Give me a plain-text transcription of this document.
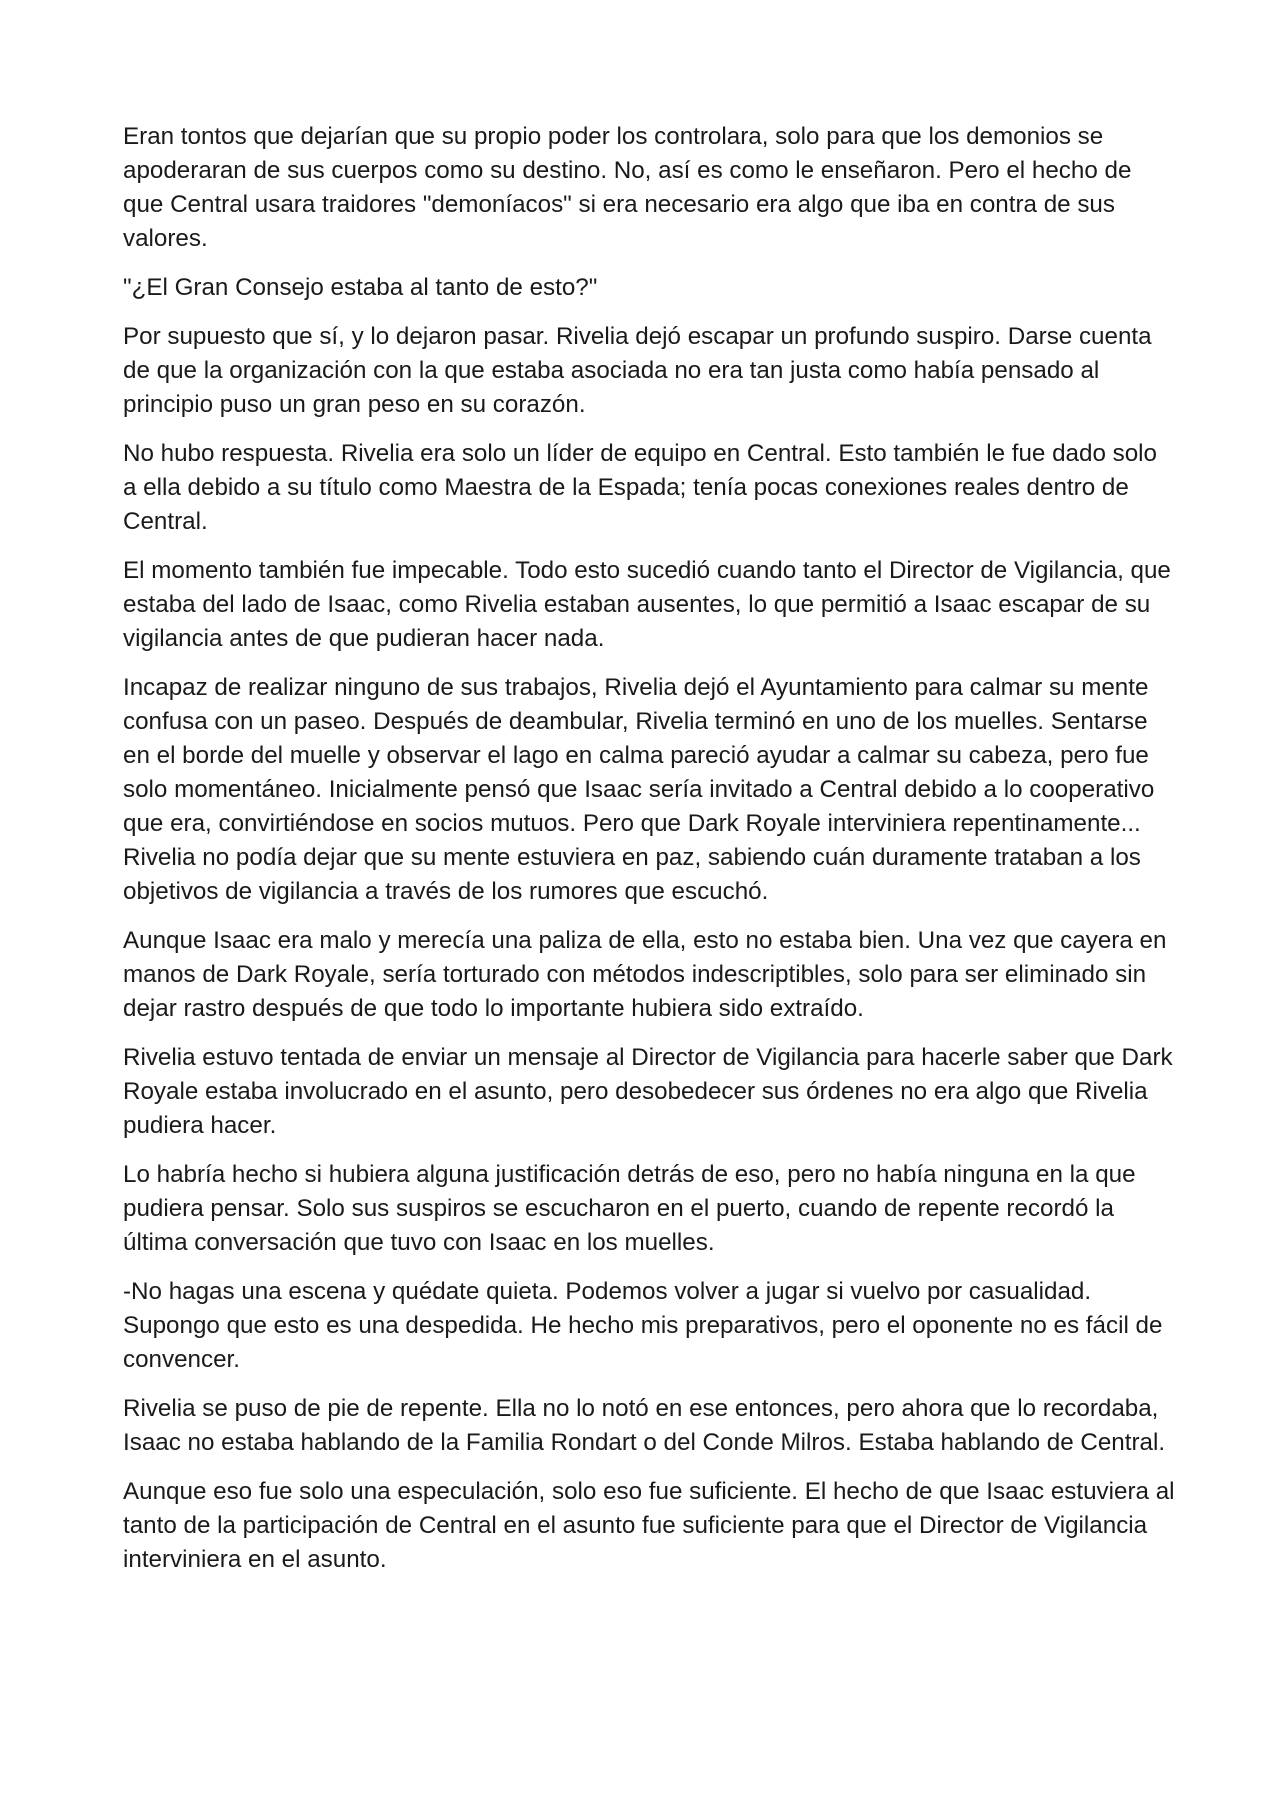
Eran tontos que dejarían que su propio poder los controlara, solo para que los demonios se apoderaran de sus cuerpos como su destino. No, así es como le enseñaron. Pero el hecho de que Central usara traidores "demoníacos" si era necesario era algo que iba en contra de sus valores.

"¿El Gran Consejo estaba al tanto de esto?"

Por supuesto que sí, y lo dejaron pasar. Rivelia dejó escapar un profundo suspiro. Darse cuenta de que la organización con la que estaba asociada no era tan justa como había pensado al principio puso un gran peso en su corazón.

No hubo respuesta. Rivelia era solo un líder de equipo en Central. Esto también le fue dado solo a ella debido a su título como Maestra de la Espada; tenía pocas conexiones reales dentro de Central.

El momento también fue impecable. Todo esto sucedió cuando tanto el Director de Vigilancia, que estaba del lado de Isaac, como Rivelia estaban ausentes, lo que permitió a Isaac escapar de su vigilancia antes de que pudieran hacer nada.

Incapaz de realizar ninguno de sus trabajos, Rivelia dejó el Ayuntamiento para calmar su mente confusa con un paseo. Después de deambular, Rivelia terminó en uno de los muelles. Sentarse en el borde del muelle y observar el lago en calma pareció ayudar a calmar su cabeza, pero fue solo momentáneo. Inicialmente pensó que Isaac sería invitado a Central debido a lo cooperativo que era, convirtiéndose en socios mutuos. Pero que Dark Royale interviniera repentinamente... Rivelia no podía dejar que su mente estuviera en paz, sabiendo cuán duramente trataban a los objetivos de vigilancia a través de los rumores que escuchó.

Aunque Isaac era malo y merecía una paliza de ella, esto no estaba bien. Una vez que cayera en manos de Dark Royale, sería torturado con métodos indescriptibles, solo para ser eliminado sin dejar rastro después de que todo lo importante hubiera sido extraído.

Rivelia estuvo tentada de enviar un mensaje al Director de Vigilancia para hacerle saber que Dark Royale estaba involucrado en el asunto, pero desobedecer sus órdenes no era algo que Rivelia pudiera hacer.

Lo habría hecho si hubiera alguna justificación detrás de eso, pero no había ninguna en la que pudiera pensar. Solo sus suspiros se escucharon en el puerto, cuando de repente recordó la última conversación que tuvo con Isaac en los muelles.

-No hagas una escena y quédate quieta. Podemos volver a jugar si vuelvo por casualidad. Supongo que esto es una despedida. He hecho mis preparativos, pero el oponente no es fácil de convencer.

Rivelia se puso de pie de repente. Ella no lo notó en ese entonces, pero ahora que lo recordaba, Isaac no estaba hablando de la Familia Rondart o del Conde Milros. Estaba hablando de Central.

Aunque eso fue solo una especulación, solo eso fue suficiente. El hecho de que Isaac estuviera al tanto de la participación de Central en el asunto fue suficiente para que el Director de Vigilancia interviniera en el asunto.
